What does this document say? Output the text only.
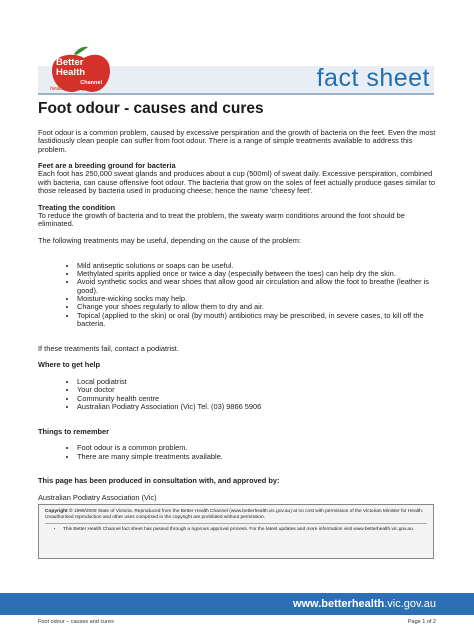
Better
Health
Channel
healthier living online	fact sheet
Foot odour - causes and cures

Foot odour is a common problem, caused by excessive perspiration and the growth of bacteria on the feet. Even the most fastidiously clean people can suffer from foot odour. There is a range of simple treatments available to address this problem.

Feet are a breeding ground for bacteria

Each foot has 250,000 sweat glands and produces about a cup (500ml) of sweat daily. Excessive perspiration, combined with bacteria, can cause offensive foot odour. The bacteria that grow on the soles of feet actually produce gases similar to those released by bacteria used in producing cheese; hence the name 'cheesy feet'.

Treating the condition

To reduce the growth of bacteria and to treat the problem, the sweaty warm conditions around the foot should be eliminated.

The following treatments may be useful, depending on the cause of the problem:

• Mild antiseptic solutions or soaps can be useful.
• Methylated spirits applied once or twice a day (especially between the toes) can help dry the skin.
• Avoid synthetic socks and wear shoes that allow good air circulation and allow the foot to breathe (leather is good).
• Moisture-wicking socks may help.
• Change your shoes regularly to allow them to dry and air.
• Topical (applied to the skin) or oral (by mouth) antibiotics may be prescribed, in severe cases, to kill off the bacteria.

If these treatments fail, contact a podiatrist.

Where to get help
• Local podiatrist
• Your doctor
• Community health centre
• Australian Podiatry Association (Vic) Tel. (03) 9866 5906
Things to remember
• Foot odour is a common problem.
• There are many simple treatments available.
This page has been produced in consultation with, and approved by:

Australian Podiatry Association (Vic)

Copyright © 1999/2009 State of Victoria. Reproduced from the Better Health Channel (www.betterhealth.vic.gov.au) at no cost with permission of the Victorian Minister for Health. Unauthorised reproduction and other uses comprised in the copyright are prohibited without permission.
• This Better Health Channel fact sheet has passed through a rigorous approval process. For the latest updates and more information visit www.betterhealth.vic.gov.au.
www.betterhealth.vic.gov.au
Foot odour – causes and cures	Page 1 of 2
